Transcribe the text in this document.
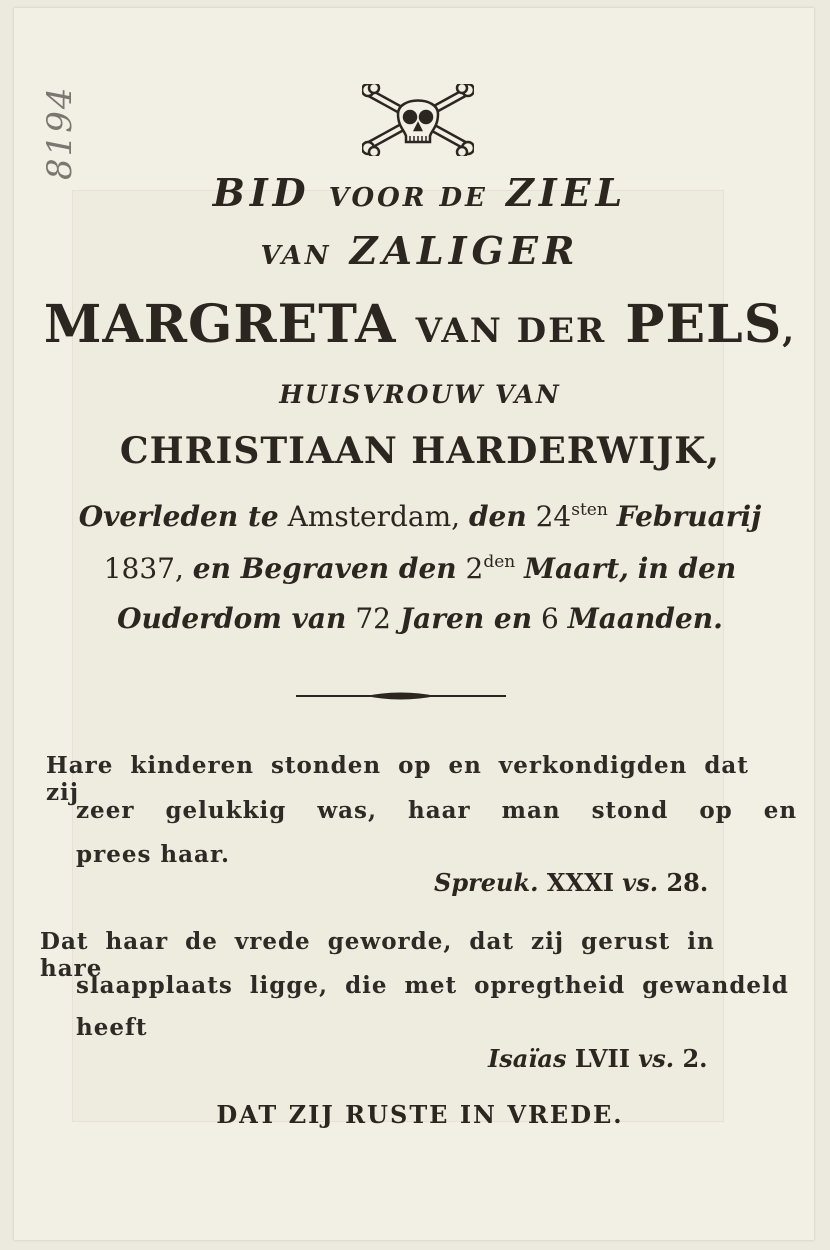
8194
BID VOOR DE ZIEL
VAN ZALIGER
MARGRETA VAN DER PELS,
HUISVROUW VAN
CHRISTIAAN HARDERWIJK,
Overleden te Amsterdam, den $24^{sten}$ Februarij
1837, en Begraven den $2^{den}$ Maart, in den
Ouderdom van 72 Jaren en 6 Maanden.
Hare kinderen stonden op en verkondigden dat zij
zeer gelukkig was, haar man stond op en
prees haar.
Spreuk. XXXI vs. 28.
Dat haar de vrede geworde, dat zij gerust in hare
slaapplaats ligge, die met opregtheid gewandeld
heeft
Isaïas LVII vs. 2.
DAT ZIJ RUSTE IN VREDE.
